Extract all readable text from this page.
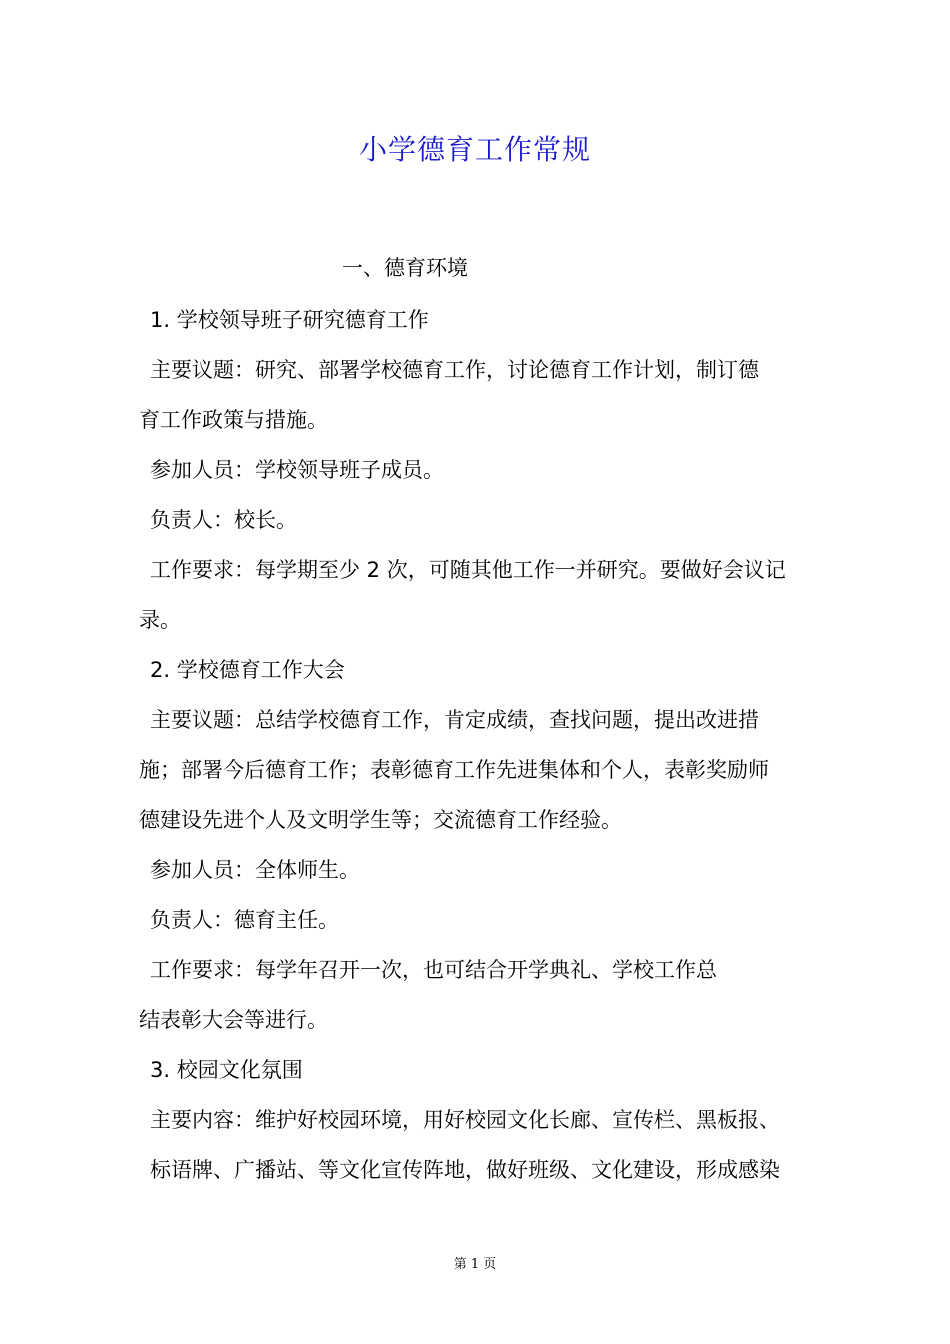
小学德育工作常规
一、德育环境
1. 学校领导班子研究德育工作
主要议题：研究、部署学校德育工作，讨论德育工作计划，制订德
育工作政策与措施。
参加人员：学校领导班子成员。
负责人：校长。
工作要求：每学期至少 2 次，可随其他工作一并研究。要做好会议记
录。
2. 学校德育工作大会
主要议题：总结学校德育工作，肯定成绩，查找问题，提出改进措
施；部署今后德育工作；表彰德育工作先进集体和个人，表彰奖励师
德建设先进个人及文明学生等；交流德育工作经验。
参加人员：全体师生。
负责人：德育主任。
工作要求：每学年召开一次，也可结合开学典礼、学校工作总
结表彰大会等进行。
3. 校园文化氛围
主要内容：维护好校园环境，用好校园文化长廊、宣传栏、黑板报、
标语牌、广播站、等文化宣传阵地，做好班级、文化建设，形成感染
第 1 页
